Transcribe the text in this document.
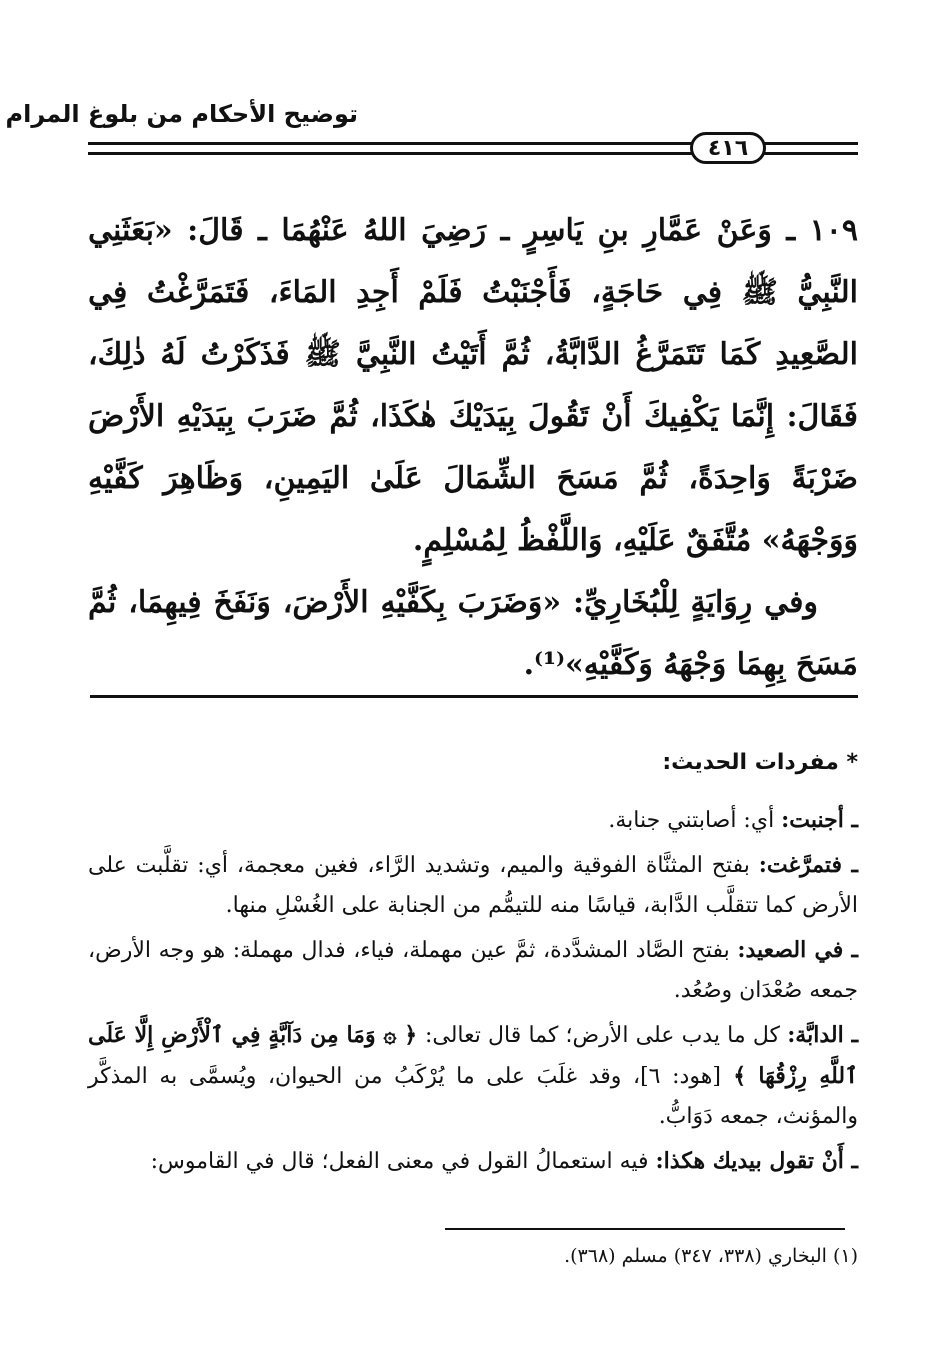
توضيح الأحكام من بلوغ المرام
٤١٦

١٠٩ ـ وَعَنْ عَمَّارِ بنِ يَاسِرٍ ـ رَضِيَ اللهُ عَنْهُمَا ـ قَالَ: «بَعَثَنِي النَّبِيُّ ﷺ فِي حَاجَةٍ، فَأَجْنَبْتُ فَلَمْ أَجِدِ المَاءَ، فَتَمَرَّغْتُ فِي الصَّعِيدِ كَمَا تَتَمَرَّغُ الدَّابَّةُ، ثُمَّ أَتَيْتُ النَّبِيَّ ﷺ فَذَكَرْتُ لَهُ ذٰلِكَ، فَقَالَ: إِنَّمَا يَكْفِيكَ أَنْ تَقُولَ بِيَدَيْكَ هٰكَذَا، ثُمَّ ضَرَبَ بِيَدَيْهِ الأَرْضَ ضَرْبَةً وَاحِدَةً، ثُمَّ مَسَحَ الشِّمَالَ عَلَىٰ اليَمِينِ، وَظَاهِرَ كَفَّيْهِ وَوَجْهَهُ» مُتَّفَقٌ عَلَيْهِ، وَاللَّفْظُ لِمُسْلِمٍ.

وفي رِوَايَةٍ لِلْبُخَارِيِّ: «وَضَرَبَ بِكَفَّيْهِ الأَرْضَ، وَنَفَخَ فِيهِمَا، ثُمَّ مَسَحَ بِهِمَا وَجْهَهُ وَكَفَّيْهِ»⁽¹⁾.

* مفردات الحديث:

ـ أجنبت: أي: أصابتني جنابة.

ـ فتمرَّغت: بفتح المثنَّاة الفوقية والميم، وتشديد الرَّاء، فغين معجمة، أي: تقلَّبت على الأرض كما تتقلَّب الدَّابة، قياسًا منه للتيمُّم من الجنابة على الغُسْلِ منها.

ـ في الصعيد: بفتح الصَّاد المشدَّدة، ثمَّ عين مهملة، فياء، فدال مهملة: هو وجه الأرض، جمعه صُعْدَان وصُعُد.

ـ الدابَّة: كل ما يدب على الأرض؛ كما قال تعالى: ﴿ ۞ وَمَا مِن دَآبَّةٍ فِي ٱلْأَرْضِ إِلَّا عَلَى ٱللَّهِ رِزْقُهَا ﴾ [هود: ٦]، وقد غلَبَ على ما يُرْكَبُ من الحيوان، ويُسمَّى به المذكَّر والمؤنث، جمعه دَوَابُّ.

ـ أَنْ تقول بيديك هكذا: فيه استعمالُ القول في معنى الفعل؛ قال في القاموس:

(١) البخاري (٣٣٨، ٣٤٧) مسلم (٣٦٨).
